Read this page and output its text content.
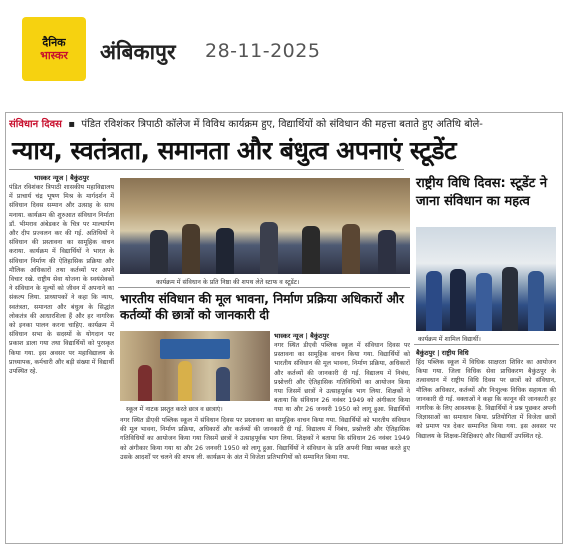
दैनिक
भास्कर अंबिकापुर 28-11-2025
संविधान दिवस  ▪  पंडित रविशंकर त्रिपाठी कॉलेज में विविध कार्यक्रम हुए, विद्यार्थियों को संविधान की महत्ता बताते हुए अतिथि बोले-
न्याय, स्वतंत्रता, समानता और बंधुत्व अपनाएं स्टूडेंट
भास्कर न्यूज | बैकुंठपुर
पंडित रविशंकर त्रिपाठी शासकीय महाविद्यालय में प्राचार्य चंद्र भूषण मिश्र के मार्गदर्शन में संविधान दिवस सम्मान और उत्साह के साथ मनाया. कार्यक्रम की शुरुआत संविधान निर्माता डॉ. भीमराव अंबेडकर के चित्र पर माल्यार्पण और दीप प्रज्वलन कर की गई. अतिथियों ने संविधान की प्रस्तावना का सामूहिक वाचन कराया. कार्यक्रम में विद्यार्थियों ने भारत के संविधान निर्माण की ऐतिहासिक प्रक्रिया और मौलिक अधिकारों तथा कर्तव्यों पर अपने विचार रखे. राष्ट्रीय सेवा योजना के स्वयंसेवकों ने संविधान के मूल्यों को जीवन में अपनाने का संकल्प लिया. प्राध्यापकों ने कहा कि न्याय, स्वतंत्रता, समानता और बंधुत्व के सिद्धांत लोकतंत्र की आधारशिला हैं और हर नागरिक को इनका पालन करना चाहिए. कार्यक्रम में संविधान सभा के सदस्यों के योगदान पर प्रकाश डाला गया तथा विद्यार्थियों को पुरस्कृत किया गया. इस अवसर पर महाविद्यालय के प्राध्यापक, कर्मचारी और बड़ी संख्या में विद्यार्थी उपस्थित रहे.
कार्यक्रम में संविधान के प्रति निष्ठा की शपथ लेते स्टाफ व स्टूडेंट।
भारतीय संविधान की मूल भावना, निर्माण प्रक्रिया अधिकारों और कर्तव्यों की छात्रों को जानकारी दी
स्कूल में नाटक प्रस्तुत करते छात्र व छात्राएं।
भास्कर न्यूज | बैकुंठपुर
नगर स्थित डीएवी पब्लिक स्कूल में संविधान दिवस पर प्रस्तावना का सामूहिक वाचन किया गया. विद्यार्थियों को भारतीय संविधान की मूल भावना, निर्माण प्रक्रिया, अधिकारों और कर्तव्यों की जानकारी दी गई. विद्यालय में निबंध, प्रश्नोत्तरी और ऐतिहासिक गतिविधियों का आयोजन किया गया जिसमें छात्रों ने उत्साहपूर्वक भाग लिया. शिक्षकों ने बताया कि संविधान 26 नवंबर 1949 को अंगीकार किया गया था और 26 जनवरी 1950 को लागू हुआ. विद्यार्थियों
नगर स्थित डीएवी पब्लिक स्कूल में संविधान दिवस पर प्रस्तावना का सामूहिक वाचन किया गया. विद्यार्थियों को भारतीय संविधान की मूल भावना, निर्माण प्रक्रिया, अधिकारों और कर्तव्यों की जानकारी दी गई. विद्यालय में निबंध, प्रश्नोत्तरी और ऐतिहासिक गतिविधियों का आयोजन किया गया जिसमें छात्रों ने उत्साहपूर्वक भाग लिया. शिक्षकों ने बताया कि संविधान 26 नवंबर 1949 को अंगीकार किया गया था और 26 जनवरी 1950 को लागू हुआ. विद्यार्थियों ने संविधान के प्रति अपनी निष्ठा व्यक्त करते हुए उसके आदर्शों पर चलने की शपथ ली. कार्यक्रम के अंत में विजेता प्रतिभागियों को सम्मानित किया गया.
राष्ट्रीय विधि दिवस: स्टूडेंट ने जाना संविधान का महत्व
कार्यक्रम में शामिल विद्यार्थी।
बैकुंठपुर | राष्ट्रीय विधि
हिंद पब्लिक स्कूल में विधिक साक्षरता शिविर का आयोजन किया गया. जिला विधिक सेवा प्राधिकरण बैकुंठपुर के तत्वावधान में राष्ट्रीय विधि दिवस पर छात्रों को संविधान, मौलिक अधिकार, कर्तव्यों और निःशुल्क विधिक सहायता की जानकारी दी गई. वक्ताओं ने कहा कि कानून की जानकारी हर नागरिक के लिए आवश्यक है. विद्यार्थियों ने प्रश्न पूछकर अपनी जिज्ञासाओं का समाधान किया. प्रतियोगिता में विजेता छात्रों को प्रमाण पत्र देकर सम्मानित किया गया. इस अवसर पर विद्यालय के शिक्षक-शिक्षिकाएं और विद्यार्थी उपस्थित रहे.
